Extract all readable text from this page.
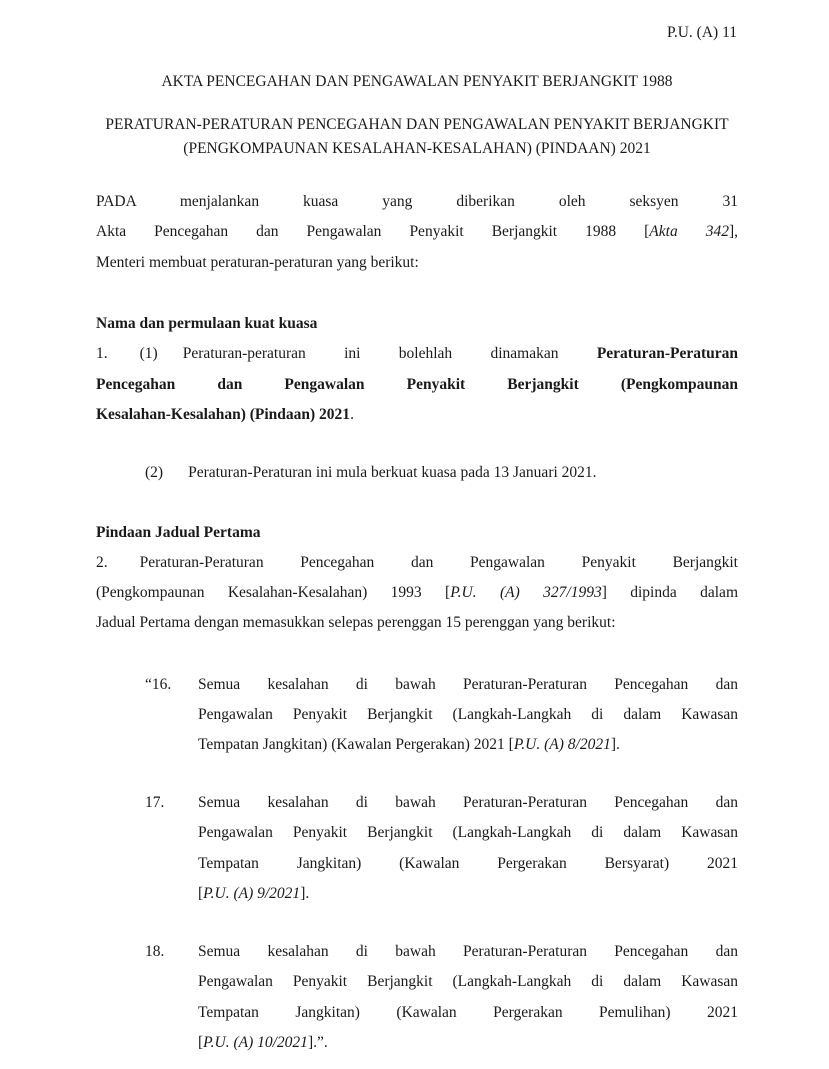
P.U. (A) 11
AKTA PENCEGAHAN DAN PENGAWALAN PENYAKIT BERJANGKIT 1988
PERATURAN-PERATURAN PENCEGAHAN DAN PENGAWALAN PENYAKIT BERJANGKIT
(PENGKOMPAUNAN KESALAHAN-KESALAHAN) (PINDAAN) 2021
PADA menjalankan kuasa yang diberikan oleh seksyen 31
Akta Pencegahan dan Pengawalan Penyakit Berjangkit 1988 [Akta 342],
Menteri membuat peraturan-peraturan yang berikut:
Nama dan permulaan kuat kuasa
1. (1) Peraturan-peraturan ini bolehlah dinamakan Peraturan-Peraturan
Pencegahan dan Pengawalan Penyakit Berjangkit (Pengkompaunan
Kesalahan-Kesalahan) (Pindaan) 2021.
(2) Peraturan-Peraturan ini mula berkuat kuasa pada 13 Januari 2021.
Pindaan Jadual Pertama
2. Peraturan-Peraturan Pencegahan dan Pengawalan Penyakit Berjangkit
(Pengkompaunan Kesalahan-Kesalahan) 1993 [P.U. (A) 327/1993] dipinda dalam
Jadual Pertama dengan memasukkan selepas perenggan 15 perenggan yang berikut:
“16. Semua kesalahan di bawah Peraturan-Peraturan Pencegahan dan
Pengawalan Penyakit Berjangkit (Langkah-Langkah di dalam Kawasan
Tempatan Jangkitan) (Kawalan Pergerakan) 2021 [P.U. (A) 8/2021].
17. Semua kesalahan di bawah Peraturan-Peraturan Pencegahan dan
Pengawalan Penyakit Berjangkit (Langkah-Langkah di dalam Kawasan
Tempatan Jangkitan) (Kawalan Pergerakan Bersyarat) 2021
[P.U. (A) 9/2021].
18. Semua kesalahan di bawah Peraturan-Peraturan Pencegahan dan
Pengawalan Penyakit Berjangkit (Langkah-Langkah di dalam Kawasan
Tempatan Jangkitan) (Kawalan Pergerakan Pemulihan) 2021
[P.U. (A) 10/2021].”.
